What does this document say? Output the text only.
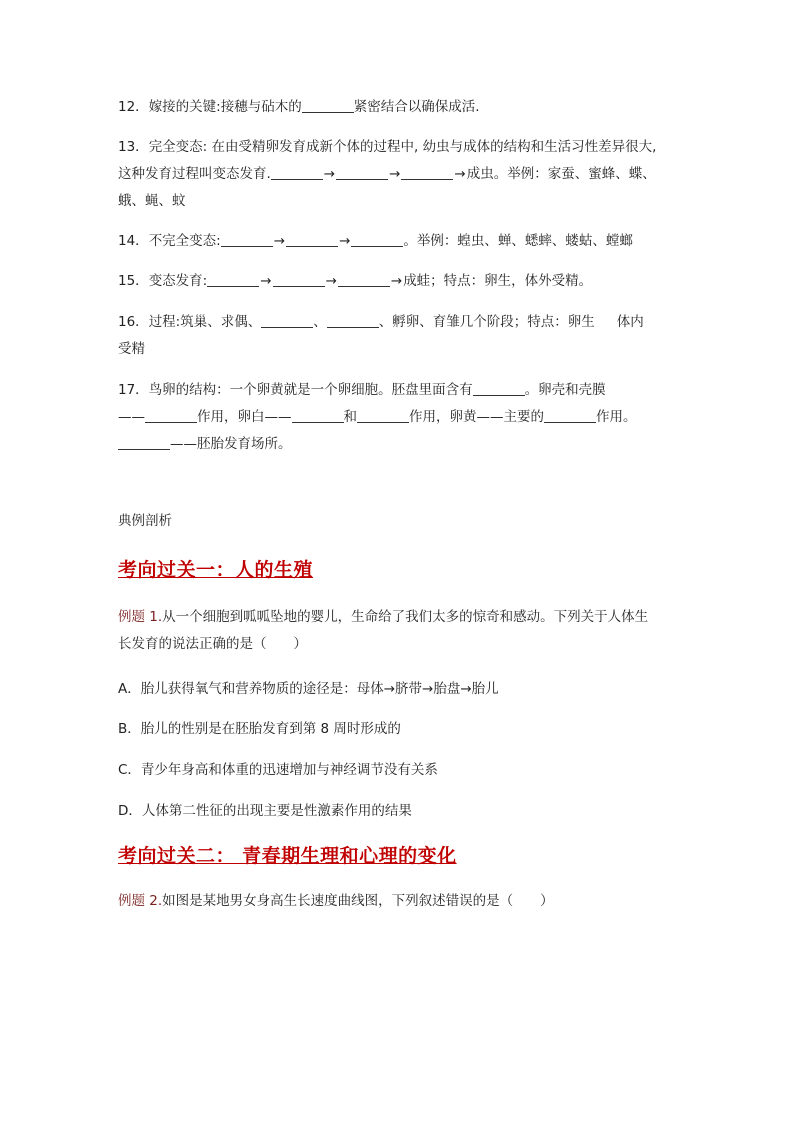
12．嫁接的关键:接穗与砧木的	紧密结合以确保成活.
13．完全变态: 在由受精卵发育成新个体的过程中, 幼虫与成体的结构和生活习性差异很大,
这种发育过程叫变态发育.	→	→	→成虫。举例：家蚕、蜜蜂、蝶、
蛾、蝇、蚊
14．不完全变态:	→	→	。举例：蝗虫、蝉、蟋蟀、蝼蛄、螳螂
15．变态发育:	→	→	→成蛙；特点：卵生，体外受精。
16．过程:筑巢、求偶、	、	、孵卵、育雏几个阶段；特点：卵生 体内
受精
17．鸟卵的结构：一个卵黄就是一个卵细胞。胚盘里面含有	。卵壳和壳膜
——	作用，卵白——	和	作用，卵黄——主要的	作用。
——胚胎发育场所。
典例剖析
考向过关一：人的生殖
例题 1.从一个细胞到呱呱坠地的婴儿，生命给了我们太多的惊奇和感动。下列关于人体生
长发育的说法正确的是（　　）
A．胎儿获得氧气和营养物质的途径是：母体→脐带→胎盘→胎儿
B．胎儿的性别是在胚胎发育到第 8 周时形成的
C．青少年身高和体重的迅速增加与神经调节没有关系
D．人体第二性征的出现主要是性激素作用的结果
考向过关二： 青春期生理和心理的变化
例题 2.如图是某地男女身高生长速度曲线图，下列叙述错误的是（　　）
